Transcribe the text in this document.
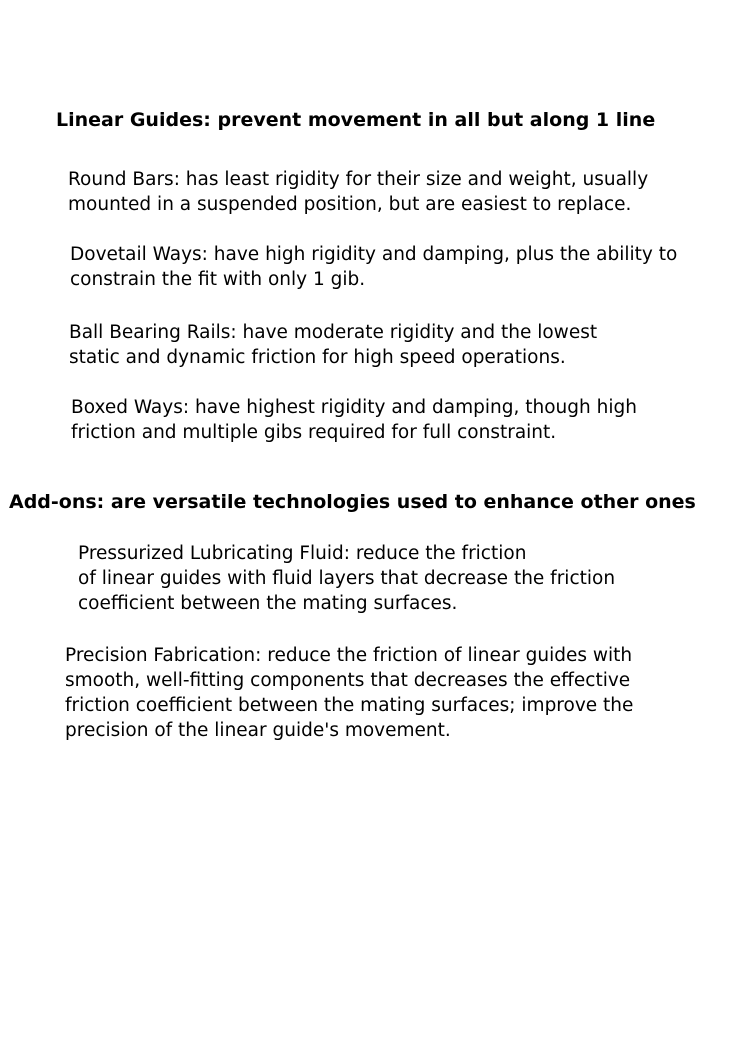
Linear Guides: prevent movement in all but along 1 line
Round Bars: has least rigidity for their size and weight, usually
mounted in a suspended position, but are easiest to replace.
Dovetail Ways: have high rigidity and damping, plus the ability to
constrain the fit with only 1 gib.
Ball Bearing Rails: have moderate rigidity and the lowest
static and dynamic friction for high speed operations.
Boxed Ways: have highest rigidity and damping, though high
friction and multiple gibs required for full constraint.
Add-ons: are versatile technologies used to enhance other ones
Pressurized Lubricating Fluid: reduce the friction
of linear guides with fluid layers that decrease the friction
coefficient between the mating surfaces.
Precision Fabrication: reduce the friction of linear guides with
smooth, well-fitting components that decreases the effective
friction coefficient between the mating surfaces; improve the
precision of the linear guide's movement.
